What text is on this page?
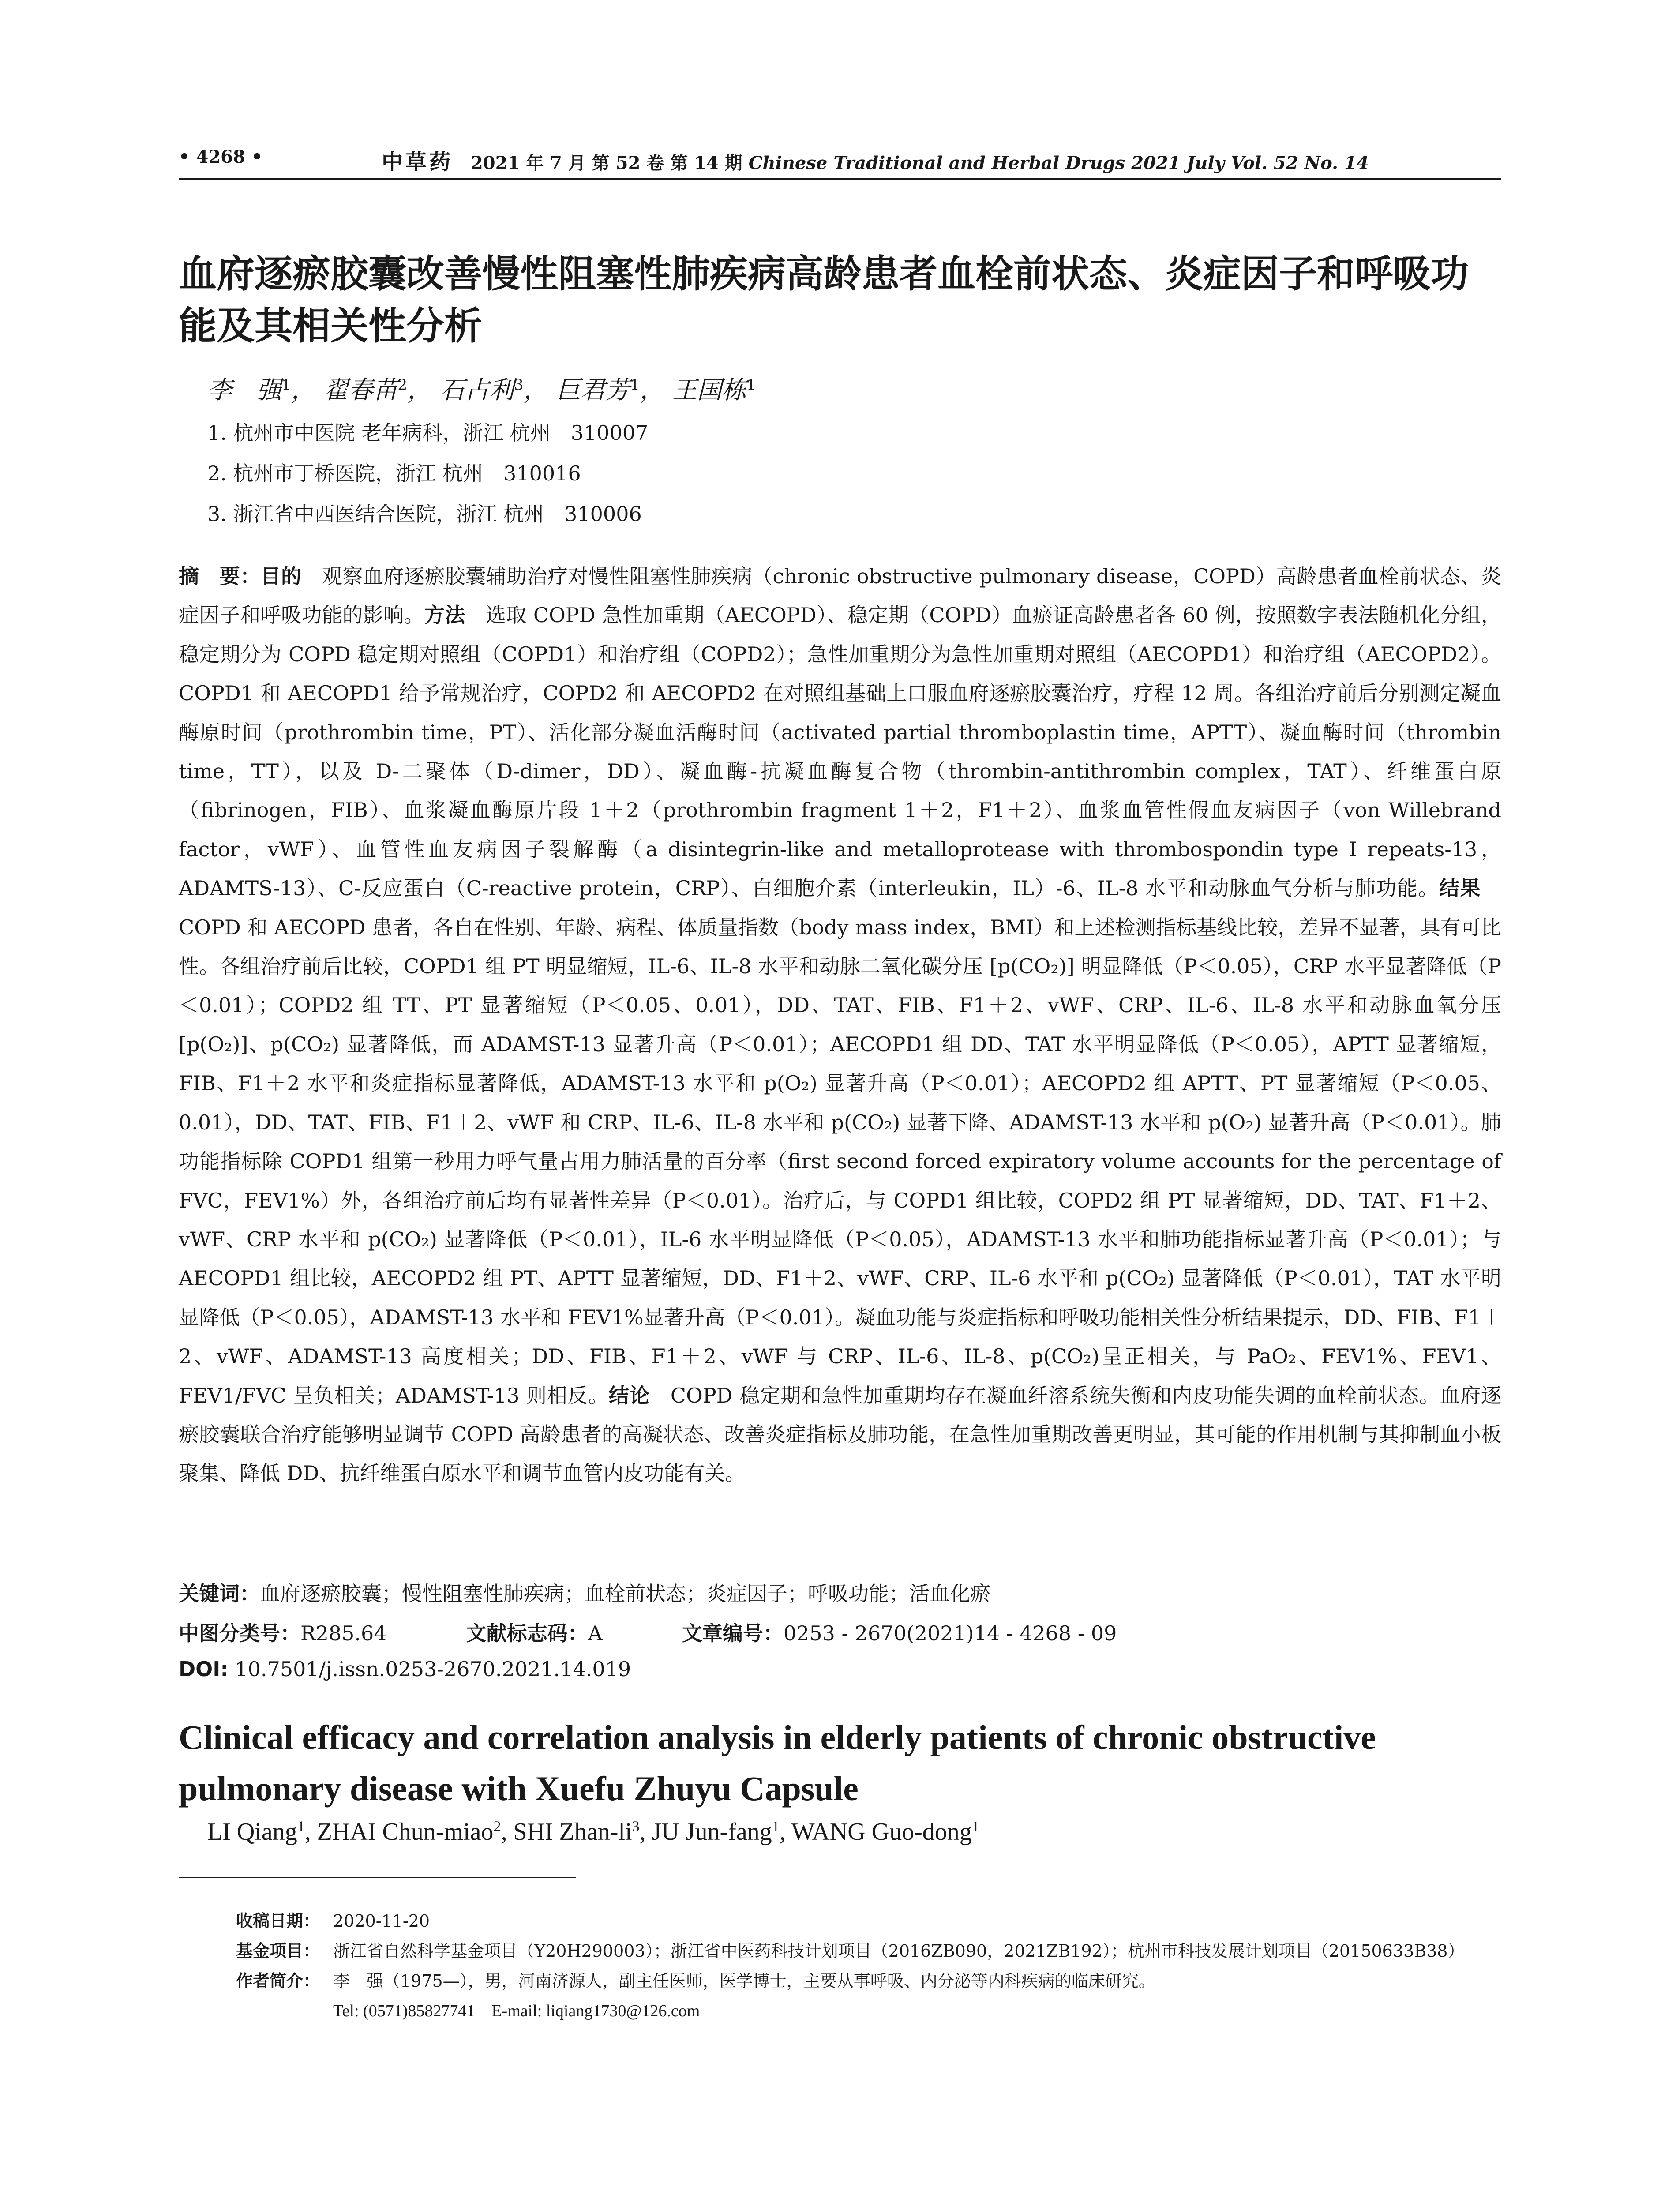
• 4268 •	中草药 2021 年 7 月 第 52 卷 第 14 期 Chinese Traditional and Herbal Drugs 2021 July Vol. 52 No. 14
血府逐瘀胶囊改善慢性阻塞性肺疾病高龄患者血栓前状态、炎症因子和呼吸功能及其相关性分析
李　强$^1$， 翟春苗$^2$， 石占利$^3$， 巨君芳$^1$， 王国栋$^1$
1. 杭州市中医院 老年病科，浙江 杭州　310007
2. 杭州市丁桥医院，浙江 杭州　310016
3. 浙江省中西医结合医院，浙江 杭州　310006

摘　要：目的　观察血府逐瘀胶囊辅助治疗对慢性阻塞性肺疾病（chronic obstructive pulmonary disease，COPD）高龄患者血栓前状态、炎症因子和呼吸功能的影响。方法　选取 COPD 急性加重期（AECOPD）、稳定期（COPD）血瘀证高龄患者各 60 例，按照数字表法随机化分组，稳定期分为 COPD 稳定期对照组（COPD1）和治疗组（COPD2）；急性加重期分为急性加重期对照组（AECOPD1）和治疗组（AECOPD2）。COPD1 和 AECOPD1 给予常规治疗，COPD2 和 AECOPD2 在对照组基础上口服血府逐瘀胶囊治疗，疗程 12 周。各组治疗前后分别测定凝血酶原时间（prothrombin time，PT）、活化部分凝血活酶时间（activated partial thromboplastin time，APTT）、凝血酶时间（thrombin time，TT），以及 D-二聚体（D-dimer，DD）、凝血酶-抗凝血酶复合物（thrombin-antithrombin complex，TAT）、纤维蛋白原（fibrinogen，FIB）、血浆凝血酶原片段 1＋2（prothrombin fragment 1＋2，F1＋2）、血浆血管性假血友病因子（von Willebrand factor，vWF）、血管性血友病因子裂解酶（a disintegrin-like and metalloprotease with thrombospondin type I repeats-13，ADAMTS-13）、C-反应蛋白（C-reactive protein，CRP）、白细胞介素（interleukin，IL）-6、IL-8 水平和动脉血气分析与肺功能。结果　COPD 和 AECOPD 患者，各自在性别、年龄、病程、体质量指数（body mass index，BMI）和上述检测指标基线比较，差异不显著，具有可比性。各组治疗前后比较，COPD1 组 PT 明显缩短，IL-6、IL-8 水平和动脉二氧化碳分压 [p(CO₂)] 明显降低（P＜0.05），CRP 水平显著降低（P＜0.01）；COPD2 组 TT、PT 显著缩短（P＜0.05、0.01），DD、TAT、FIB、F1＋2、vWF、CRP、IL-6、IL-8 水平和动脉血氧分压 [p(O₂)]、p(CO₂) 显著降低，而 ADAMST-13 显著升高（P＜0.01）；AECOPD1 组 DD、TAT 水平明显降低（P＜0.05），APTT 显著缩短，FIB、F1＋2 水平和炎症指标显著降低，ADAMST-13 水平和 p(O₂) 显著升高（P＜0.01）；AECOPD2 组 APTT、PT 显著缩短（P＜0.05、0.01），DD、TAT、FIB、F1＋2、vWF 和 CRP、IL-6、IL-8 水平和 p(CO₂) 显著下降、ADAMST-13 水平和 p(O₂) 显著升高（P＜0.01）。肺功能指标除 COPD1 组第一秒用力呼气量占用力肺活量的百分率（first second forced expiratory volume accounts for the percentage of FVC，FEV1%）外，各组治疗前后均有显著性差异（P＜0.01）。治疗后，与 COPD1 组比较，COPD2 组 PT 显著缩短，DD、TAT、F1＋2、vWF、CRP 水平和 p(CO₂) 显著降低（P＜0.01），IL-6 水平明显降低（P＜0.05），ADAMST-13 水平和肺功能指标显著升高（P＜0.01）；与 AECOPD1 组比较，AECOPD2 组 PT、APTT 显著缩短，DD、F1＋2、vWF、CRP、IL-6 水平和 p(CO₂) 显著降低（P＜0.01），TAT 水平明显降低（P＜0.05），ADAMST-13 水平和 FEV1%显著升高（P＜0.01）。凝血功能与炎症指标和呼吸功能相关性分析结果提示，DD、FIB、F1＋2、vWF、ADAMST-13 高度相关；DD、FIB、F1＋2、vWF 与 CRP、IL-6、IL-8、p(CO₂)呈正相关，与 PaO₂、FEV1%、FEV1、FEV1/FVC 呈负相关；ADAMST-13 则相反。结论　COPD 稳定期和急性加重期均存在凝血纤溶系统失衡和内皮功能失调的血栓前状态。血府逐瘀胶囊联合治疗能够明显调节 COPD 高龄患者的高凝状态、改善炎症指标及肺功能，在急性加重期改善更明显，其可能的作用机制与其抑制血小板聚集、降低 DD、抗纤维蛋白原水平和调节血管内皮功能有关。

关键词：血府逐瘀胶囊；慢性阻塞性肺疾病；血栓前状态；炎症因子；呼吸功能；活血化瘀
中图分类号：R285.64	文献标志码：A	文章编号：0253 - 2670(2021)14 - 4268 - 09
DOI: 10.7501/j.issn.0253-2670.2021.14.019
Clinical efficacy and correlation analysis in elderly patients of chronic obstructive pulmonary disease with Xuefu Zhuyu Capsule
LI Qiang$^1$, ZHAI Chun-miao$^2$, SHI Zhan-$li^3$, JU Jun-fang$^1$, WANG Guo-dong$^1$
收稿日期： 2020-11-20
基金项目： 浙江省自然科学基金项目（Y20H290003）；浙江省中医药科技计划项目（2016ZB090，2021ZB192）；杭州市科技发展计划项目（20150633B38）
作者简介： 李　强（1975—），男，河南济源人，副主任医师，医学博士，主要从事呼吸、内分泌等内科疾病的临床研究。
Tel: (0571)85827741　E-mail: liqiang1730@126.com
